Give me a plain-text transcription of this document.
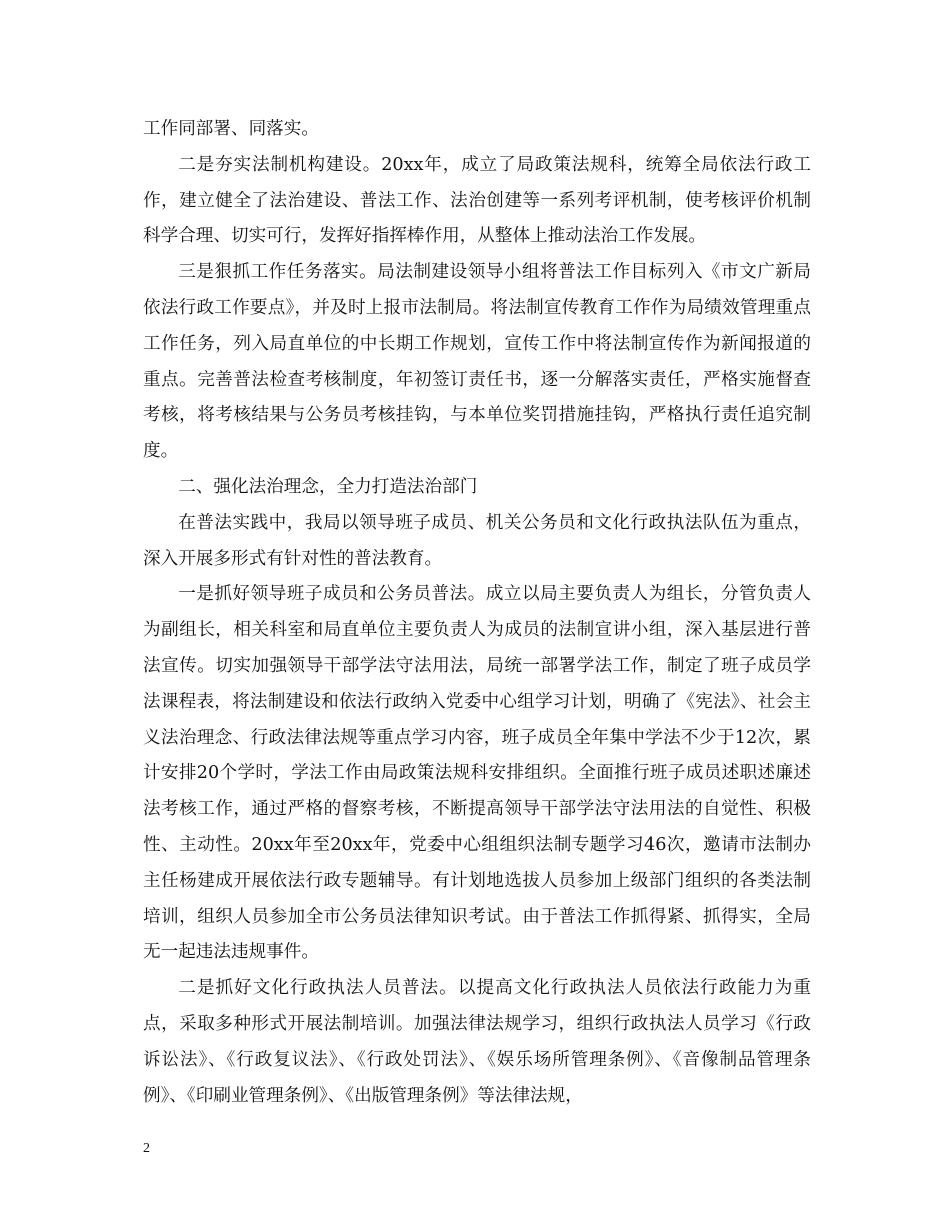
工作同部署、同落实。

二是夯实法制机构建设。20xx年，成立了局政策法规科，统筹全局依法行政工作，建立健全了法治建设、普法工作、法治创建等一系列考评机制，使考核评价机制科学合理、切实可行，发挥好指挥棒作用，从整体上推动法治工作发展。

三是狠抓工作任务落实。局法制建设领导小组将普法工作目标列入《市文广新局依法行政工作要点》，并及时上报市法制局。将法制宣传教育工作作为局绩效管理重点工作任务，列入局直单位的中长期工作规划，宣传工作中将法制宣传作为新闻报道的重点。完善普法检查考核制度，年初签订责任书，逐一分解落实责任，严格实施督查考核，将考核结果与公务员考核挂钩，与本单位奖罚措施挂钩，严格执行责任追究制度。

二、强化法治理念，全力打造法治部门

在普法实践中，我局以领导班子成员、机关公务员和文化行政执法队伍为重点，深入开展多形式有针对性的普法教育。

一是抓好领导班子成员和公务员普法。成立以局主要负责人为组长，分管负责人为副组长，相关科室和局直单位主要负责人为成员的法制宣讲小组，深入基层进行普法宣传。切实加强领导干部学法守法用法，局统一部署学法工作，制定了班子成员学法课程表，将法制建设和依法行政纳入党委中心组学习计划，明确了《宪法》、社会主义法治理念、行政法律法规等重点学习内容，班子成员全年集中学法不少于12次，累计安排20个学时，学法工作由局政策法规科安排组织。全面推行班子成员述职述廉述法考核工作，通过严格的督察考核，不断提高领导干部学法守法用法的自觉性、积极性、主动性。20xx年至20xx年，党委中心组组织法制专题学习46次，邀请市法制办主任杨建成开展依法行政专题辅导。有计划地选拔人员参加上级部门组织的各类法制培训，组织人员参加全市公务员法律知识考试。由于普法工作抓得紧、抓得实，全局无一起违法违规事件。

二是抓好文化行政执法人员普法。以提高文化行政执法人员依法行政能力为重点，采取多种形式开展法制培训。加强法律法规学习，组织行政执法人员学习《行政诉讼法》、《行政复议法》、《行政处罚法》、《娱乐场所管理条例》、《音像制品管理条例》、《印刷业管理条例》、《出版管理条例》等法律法规，

2
